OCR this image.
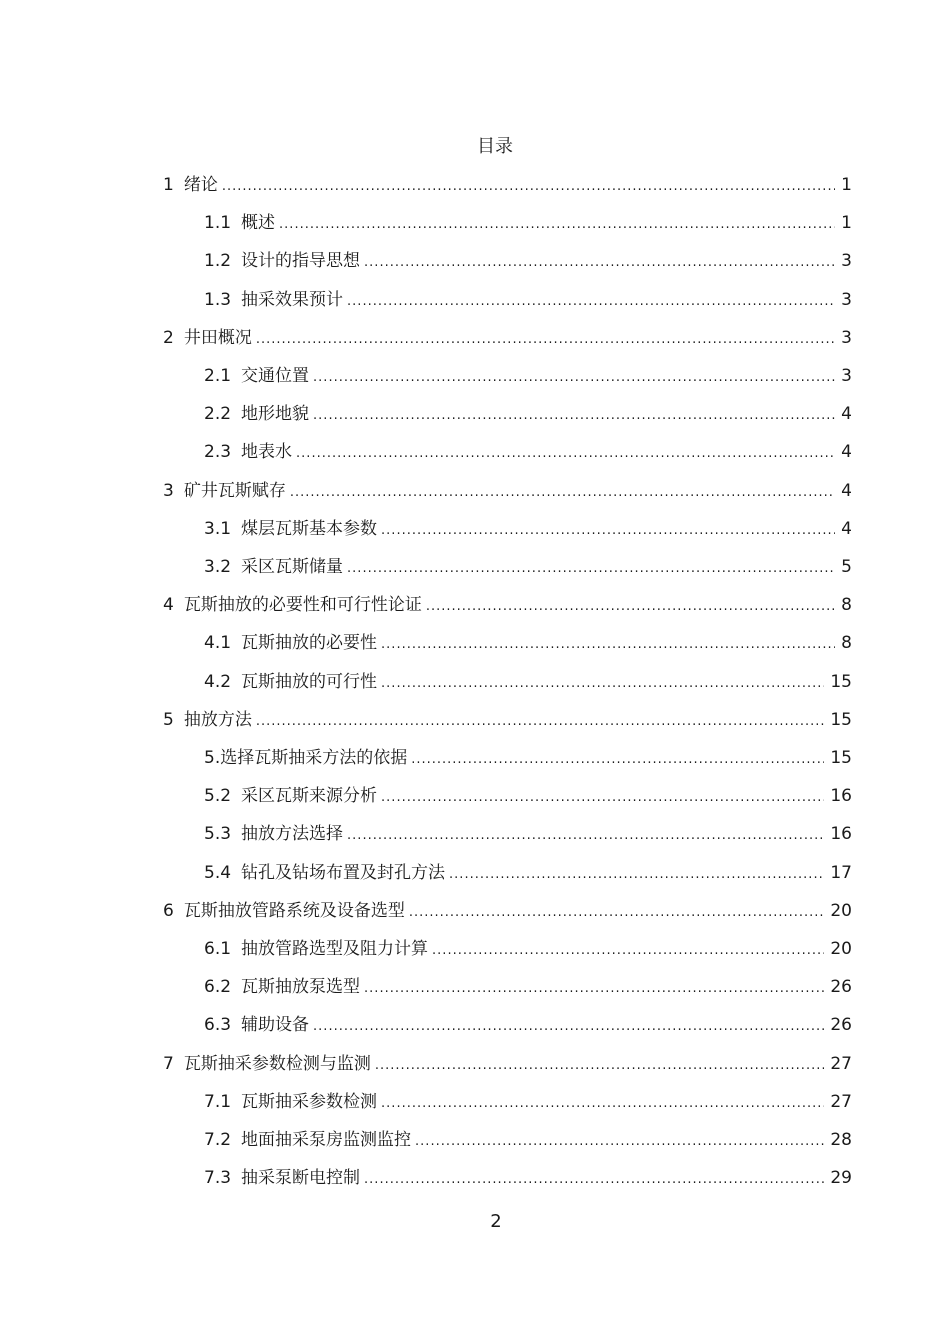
目录
1 绪论 .....	1
1.1 概述 .....	1
1.2 设计的指导思想 .....	3
1.3 抽采效果预计 .....	3
2 井田概况 .....	3
2.1 交通位置 .....	3
2.2 地形地貌 .....	4
2.3 地表水 .....	4
3 矿井瓦斯赋存 .....	4
3.1 煤层瓦斯基本参数 .....	4
3.2 采区瓦斯储量 .....	5
4 瓦斯抽放的必要性和可行性论证 .....	8
4.1 瓦斯抽放的必要性 .....	8
4.2 瓦斯抽放的可行性 .....	15
5 抽放方法 .....	15
5. 选择瓦斯抽采方法的依据 .....	15
5.2 采区瓦斯来源分析 .....	16
5.3 抽放方法选择 .....	16
5.4 钻孔及钻场布置及封孔方法 .....	17
6 瓦斯抽放管路系统及设备选型 .....	20
6.1 抽放管路选型及阻力计算 .....	20
6.2 瓦斯抽放泵选型 .....	26
6.3 辅助设备 .....	26
7 瓦斯抽采参数检测与监测 .....	27
7.1 瓦斯抽采参数检测 .....	27
7.2 地面抽采泵房监测监控 .....	28
7.3 抽采泵断电控制 .....	29
2
